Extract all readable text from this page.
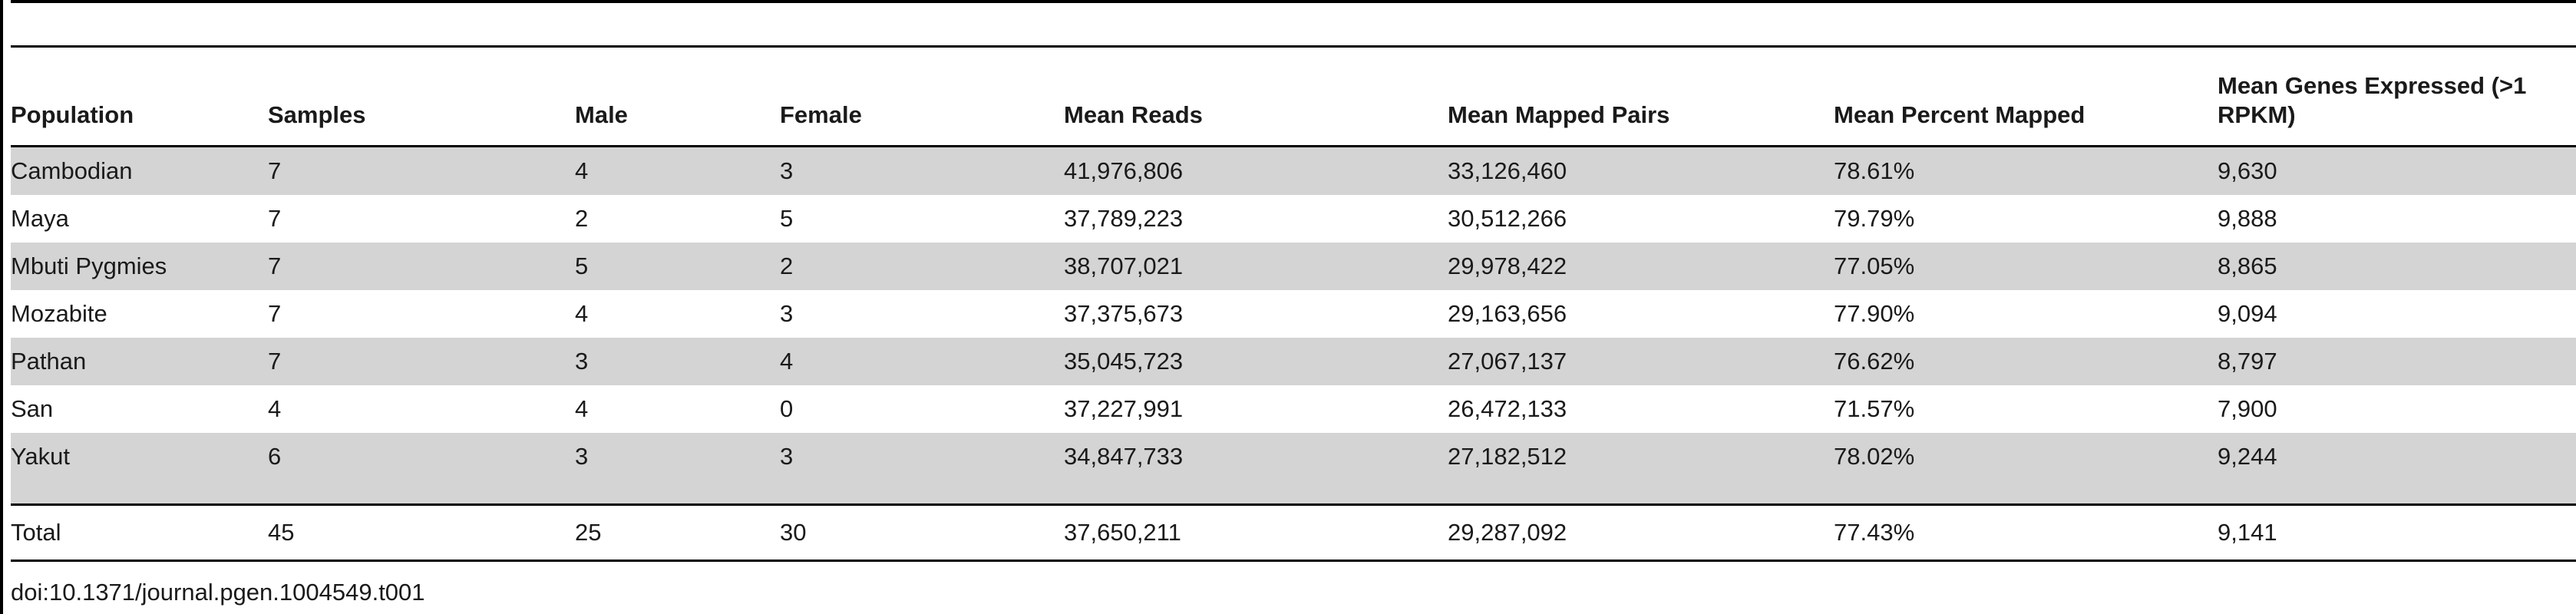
Population	Samples	Male	Female	Mean Reads	Mean Mapped Pairs	Mean Percent Mapped	Mean Genes Expressed (>1 RPKM)
Cambodian	7	4	3	41,976,806	33,126,460	78.61%	9,630
Maya	7	2	5	37,789,223	30,512,266	79.79%	9,888
Mbuti Pygmies	7	5	2	38,707,021	29,978,422	77.05%	8,865
Mozabite	7	4	3	37,375,673	29,163,656	77.90%	9,094
Pathan	7	3	4	35,045,723	27,067,137	76.62%	8,797
San	4	4	0	37,227,991	26,472,133	71.57%	7,900
Yakut	6	3	3	34,847,733	27,182,512	78.02%	9,244

Total	45	25	30	37,650,211	29,287,092	77.43%	9,141
doi:10.1371/journal.pgen.1004549.t001
